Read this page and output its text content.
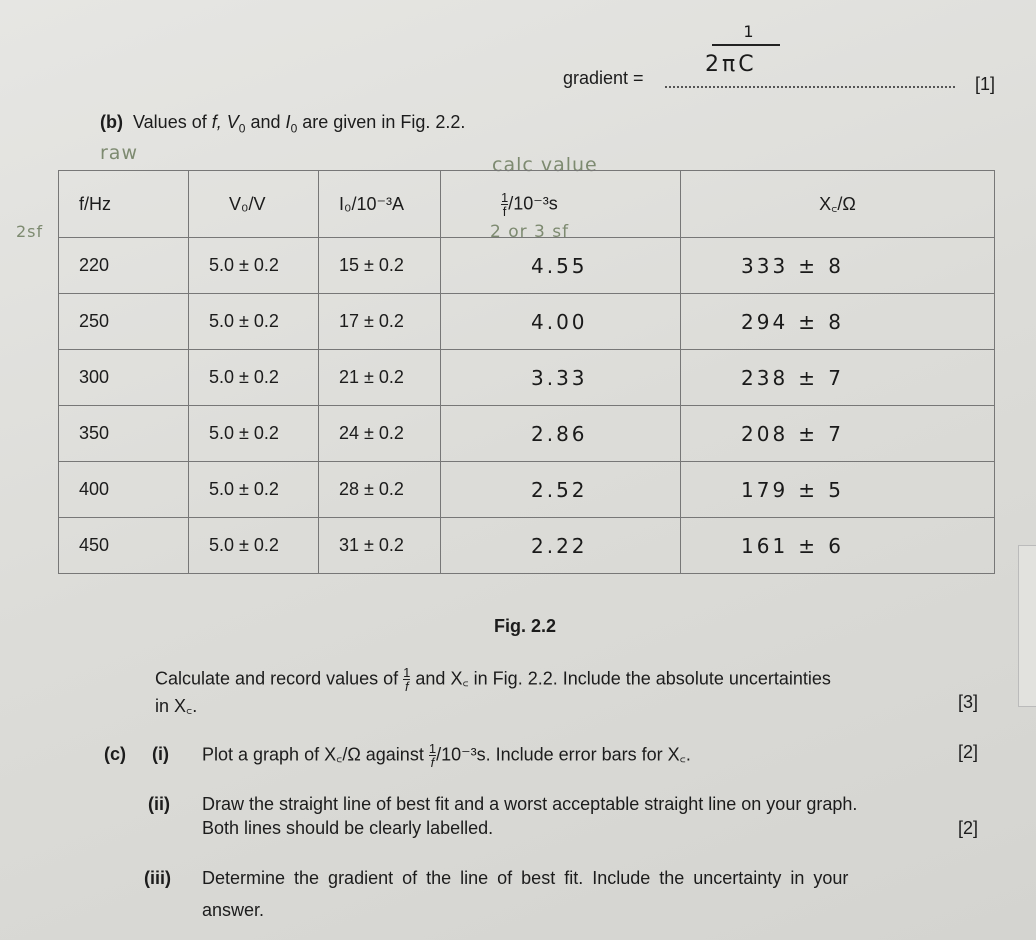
1
2πC
gradient =	[1]
(b) Values of f, $V_0$ and $I_0$ are given in Fig. 2.2.
raw
calc value
2sf	2 or 3 sf
f/Hz	V₀/V	I₀/10⁻³A	$\frac{1}{f} /10^{-3}s$	X꜀/Ω
220	5.0 ± 0.2	15 ± 0.2	4.55	333 ± 8
250	5.0 ± 0.2	17 ± 0.2	4.00	294 ± 8
300	5.0 ± 0.2	21 ± 0.2	3.33	238 ± 7
350	5.0 ± 0.2	24 ± 0.2	2.86	208 ± 7
400	5.0 ± 0.2	28 ± 0.2	2.52	179 ± 5
450	5.0 ± 0.2	31 ± 0.2	2.22	161 ± 6
Fig. 2.2
Calculate and record values of $\frac{1}{f}$ and X꜀ in Fig. 2.2. Include the absolute uncertainties
in X꜀.	[3]
(c) (i) Plot a graph of X꜀/Ω against $\frac{1}{f}/10^{-3}s$. Include error bars for X꜀.	[2]
(ii) Draw the straight line of best fit and a worst acceptable straight line on your graph.
Both lines should be clearly labelled.	[2]
(iii) Determine the gradient of the line of best fit. Include the uncertainty in your
answer.
